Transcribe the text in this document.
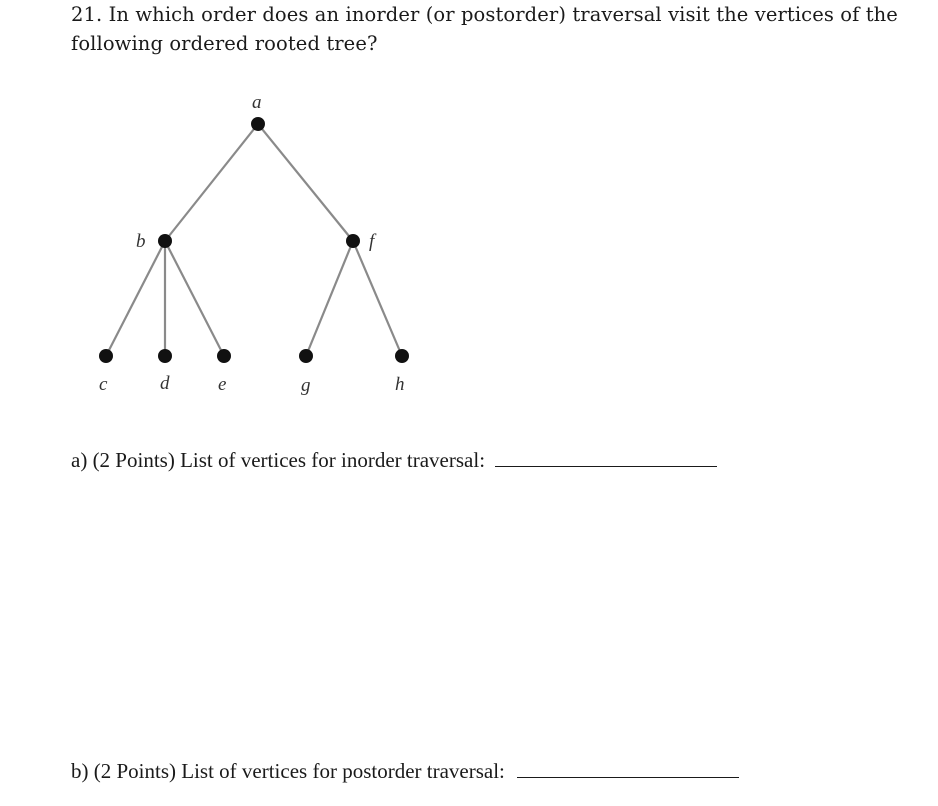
21. In which order does an inorder (or postorder) traversal visit the vertices of the following ordered rooted tree?
a
b	f
c	d	e	g	h
a) (2 Points) List of vertices for inorder traversal:
b) (2 Points) List of vertices for postorder traversal:
